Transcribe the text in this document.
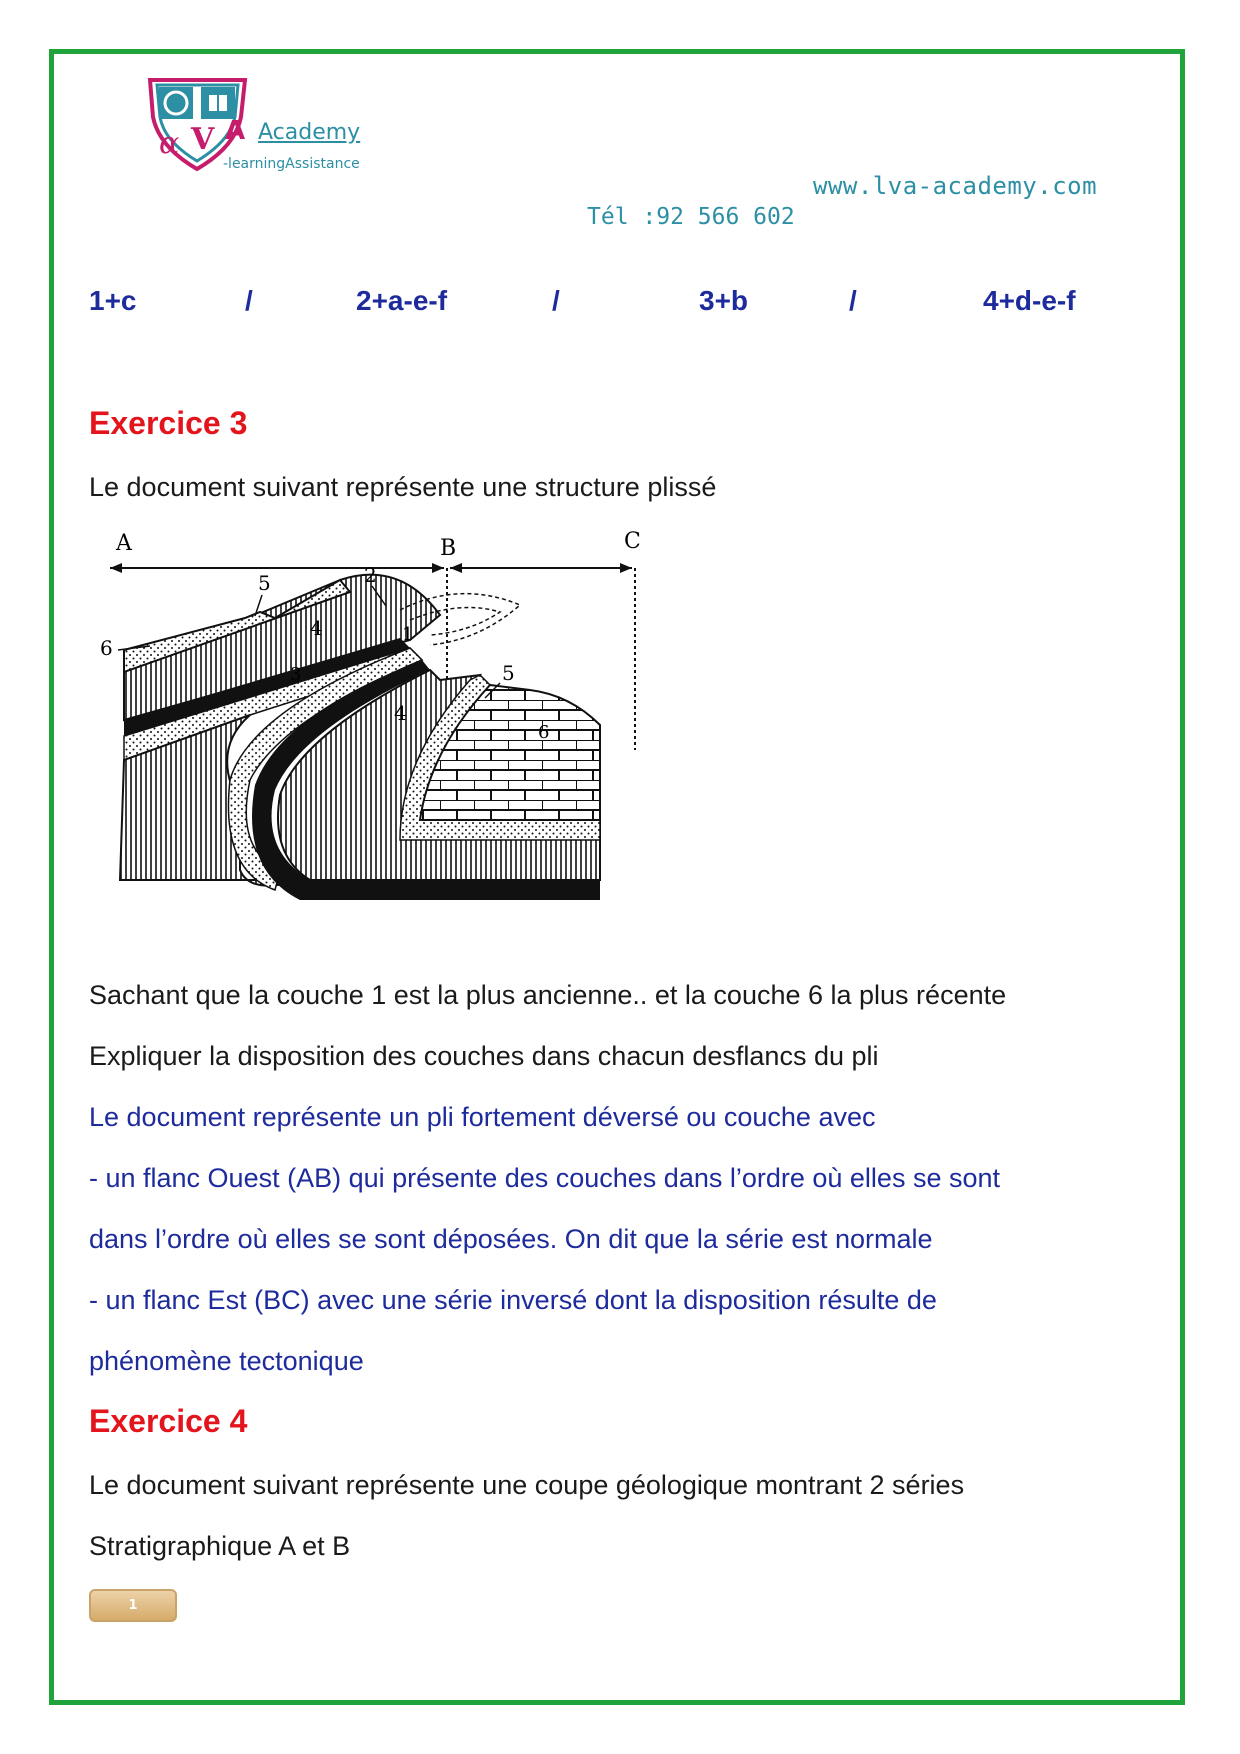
α V A Academy
-learningAssistance
www.lva-academy.com
Tél :92 566 602
1+c	/	2+a-e-f	/	3+b	/	4+d-e-f
Exercice 3
Le document suivant représente une structure plissé
A	B	C
5	2
1
4
3
6
5
4
6
Sachant que la couche 1 est la plus ancienne.. et la couche 6 la plus récente
Expliquer la disposition des couches dans chacun desflancs du pli
Le document représente un pli fortement déversé ou couche avec
- un flanc Ouest (AB) qui présente des couches dans l’ordre où elles se sont
dans l’ordre où elles se sont déposées. On dit que la série est normale
- un flanc Est (BC) avec une série inversé dont la disposition résulte de
phénomène tectonique
Exercice 4
Le document suivant représente une coupe géologique montrant 2 séries
Stratigraphique A et B
1
